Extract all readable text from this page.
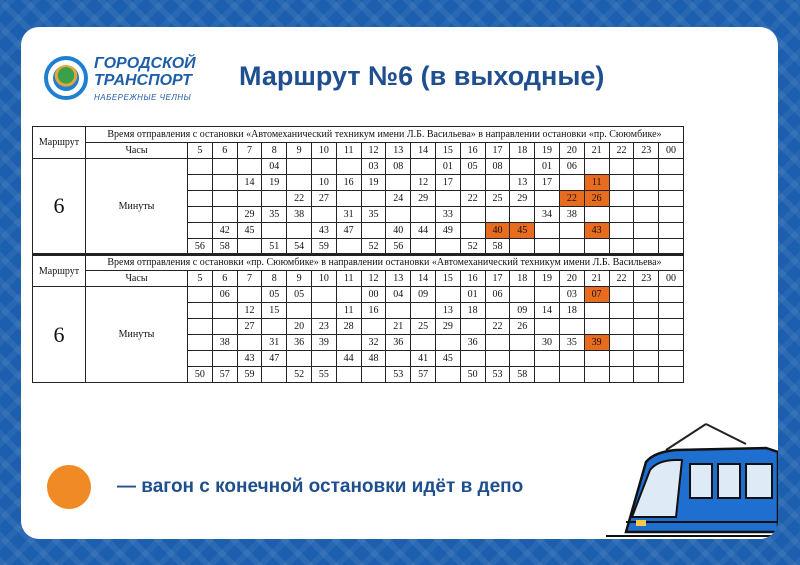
ГОРОДСКОЙ
ТРАНСПОРТ
НАБЕРЕЖНЫЕ ЧЕЛНЫ
Маршрут №6 (в выходные)
— вагон с конечной остановки идёт в депо
Маршрут	Время отправления с остановки «Автомеханический техникум имени Л.Б. Васильева» в направлении остановки «пр. Сююмбике»																				
	Часы	5	6	7	8	9	10	11	12	13	14	15	16	17	18	19	20	21	22	23	00
6	Минуты				04				03	08		01	05	08		01	06				
				14	19		10	16	19		12	17			13	17		11			
						22	27			24	29		22	25	29		22	26			
				29	35	38		31	35			33				34	38				
			42	45			43	47		40	44	49		40	45			43			
		56	58		51	54	59		52	56			52	58							
Маршрут	Время отправления с остановки «пр. Сююмбике» в направлении остановки «Автомеханический техникум имени Л.Б. Васильева»																				
	Часы	5	6	7	8	9	10	11	12	13	14	15	16	17	18	19	20	21	22	23	00
6	Минуты		06		05	05			00	04	09		01	06			03	07			
				12	15			11	16			13	18		09	14	18				
				27		20	23	28		21	25	29		22	26						
			38		31	36	39		32	36			36			30	35	39			
				43	47			44	48		41	45									
		50	57	59		52	55			53	57		50	53	58						
